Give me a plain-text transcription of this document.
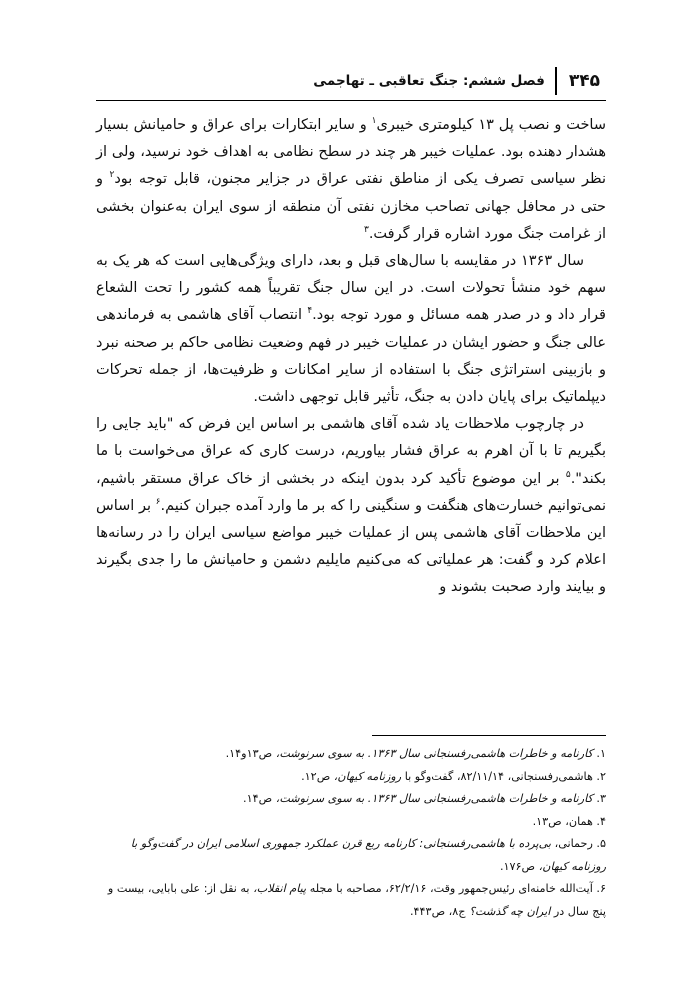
۳۴۵
فصل ششم: جنگ تعاقبی ـ تهاجمی

ساخت و نصب پل ۱۳ کیلومتری خیبری$^۱$ و سایر ابتکارات برای عراق و حامیانش بسیار هشدار دهنده بود. عملیات خیبر هر چند در سطح نظامی به اهداف خود نرسید، ولی از نظر سیاسی تصرف یکی از مناطق نفتی عراق در جزایر مجنون، قابل توجه بود$^۲$ و حتی در محافل جهانی تصاحب مخازن نفتی آن منطقه از سوی ایران به‌عنوان بخشی از غرامت جنگ مورد اشاره قرار گرفت.$^۳$

سال ۱۳۶۳ در مقایسه با سال‌های قبل و بعد، دارای ویژگی‌هایی است که هر یک به سهم خود منشأ تحولات است. در این سال جنگ تقریباً همه کشور را تحت الشعاع قرار داد و در صدر همه مسائل و مورد توجه بود.$^۴$ انتصاب آقای هاشمی به فرماندهی عالی جنگ و حضور ایشان در عملیات خیبر در فهم وضعیت نظامی حاکم بر صحنه نبرد و بازبینی استراتژی جنگ با استفاده از سایر امکانات و ظرفیت‌ها، از جمله تحرکات دیپلماتیک برای پایان دادن به جنگ، تأثیر قابل توجهی داشت.

در چارچوب ملاحظات یاد شده آقای هاشمی بر اساس این فرض که "باید جایی را بگیریم تا با آن اهرم به عراق فشار بیاوریم، درست کاری که عراق می‌خواست با ما بکند".$^۵$ بر این موضوع تأکید کرد بدون اینکه در بخشی از خاک عراق مستقر باشیم، نمی‌توانیم خسارت‌های هنگفت و سنگینی را که بر ما وارد آمده جبران کنیم.$^۶$ بر اساس این ملاحظات آقای هاشمی پس از عملیات خیبر مواضع سیاسی ایران را در رسانه‌ها اعلام کرد و گفت: هر عملیاتی که می‌کنیم مایلیم دشمن و حامیانش ما را جدی بگیرند و بیایند وارد صحبت بشوند و

۱. کارنامه و خاطرات هاشمی‌رفسنجانی سال ۱۳۶۳. به سوی سرنوشت، ص۱۳و۱۴.

۲. هاشمی‌رفسنجانی، ۸۲/۱۱/۱۴، گفت‌وگو با روزنامه کیهان، ص۱۲.

۳. کارنامه و خاطرات هاشمی‌رفسنجانی سال ۱۳۶۳. به سوی سرنوشت، ص۱۴.

۴. همان، ص۱۳.

۵. رحمانی، بی‌پرده با هاشمی‌رفسنجانی: کارنامه ربع قرن عملکرد جمهوری اسلامی ایران در گفت‌وگو با روزنامه کیهان، ص۱۷۶.

۶. آیت‌الله خامنه‌ای رئیس‌جمهور وقت، ۶۲/۲/۱۶، مصاحبه با مجله پیام انقلاب، به نقل از: علی بابایی، بیست و پنج سال در ایران چه گذشت؟ ج۸، ص۴۴۳.
